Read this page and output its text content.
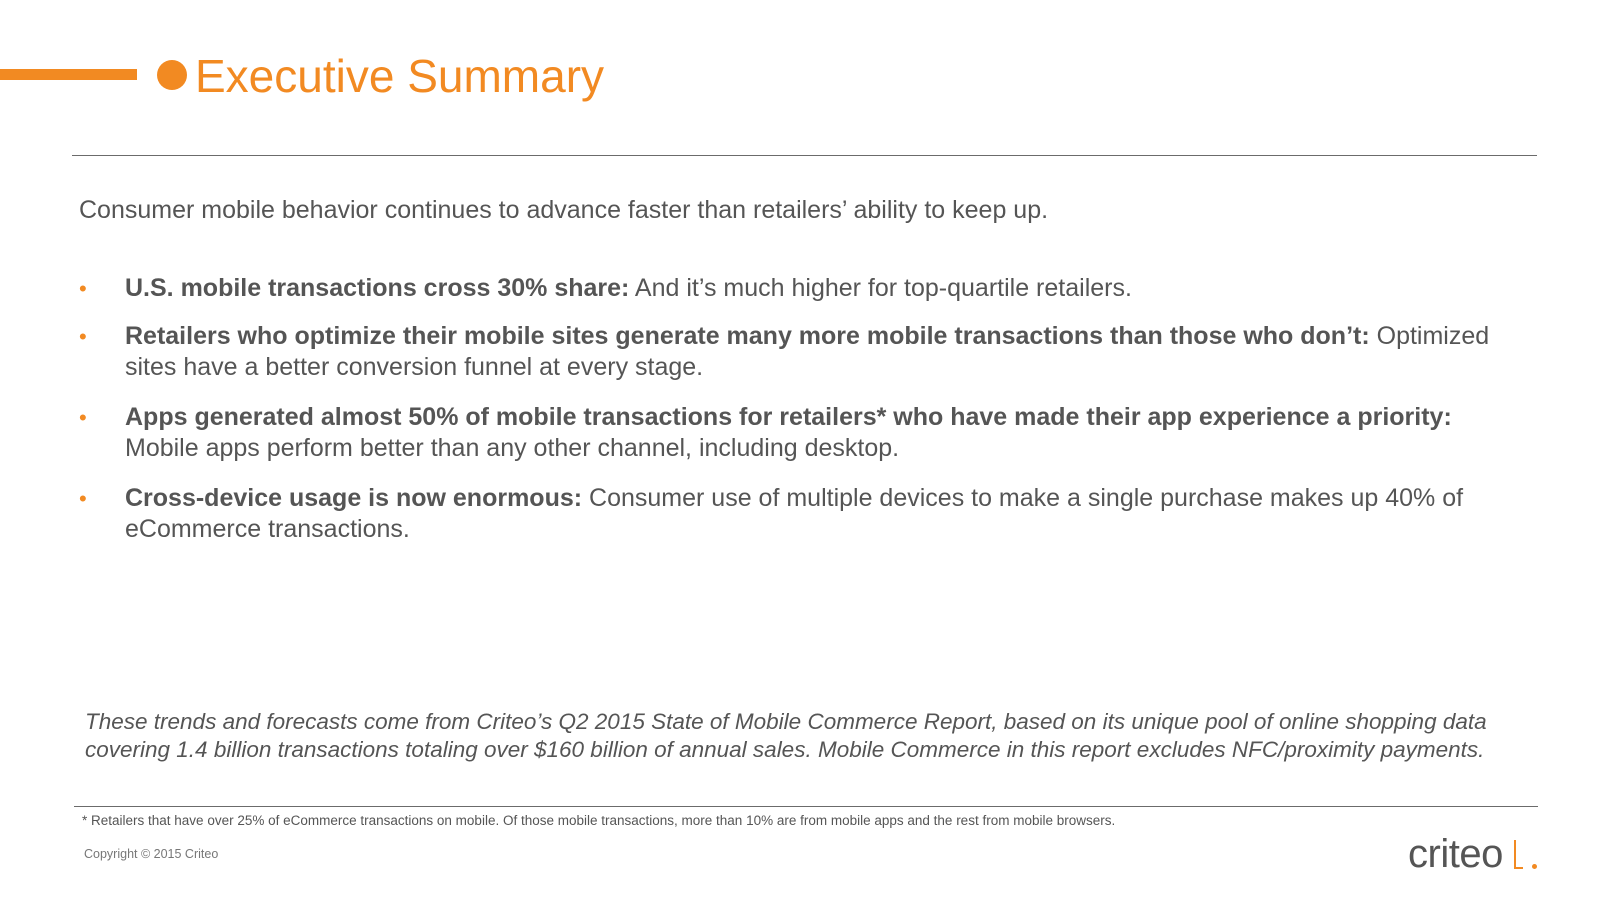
Executive Summary
Consumer mobile behavior continues to advance faster than retailers’ ability to keep up.
• U.S. mobile transactions cross 30% share: And it’s much higher for top-quartile retailers.
• Retailers who optimize their mobile sites generate many more mobile transactions than those who don’t: Optimized sites have a better conversion funnel at every stage.
• Apps generated almost 50% of mobile transactions for retailers* who have made their app experience a priority: Mobile apps perform better than any other channel, including desktop.
• Cross-device usage is now enormous: Consumer use of multiple devices to make a single purchase makes up 40% of eCommerce transactions.
These trends and forecasts come from Criteo’s Q2 2015 State of Mobile Commerce Report, based on its unique pool of online shopping data covering 1.4 billion transactions totaling over $160 billion of annual sales. Mobile Commerce in this report excludes NFC/proximity payments.
* Retailers that have over 25% of eCommerce transactions on mobile. Of those mobile transactions, more than 10% are from mobile apps and the rest from mobile browsers.
Copyright © 2015 Criteo	criteo
